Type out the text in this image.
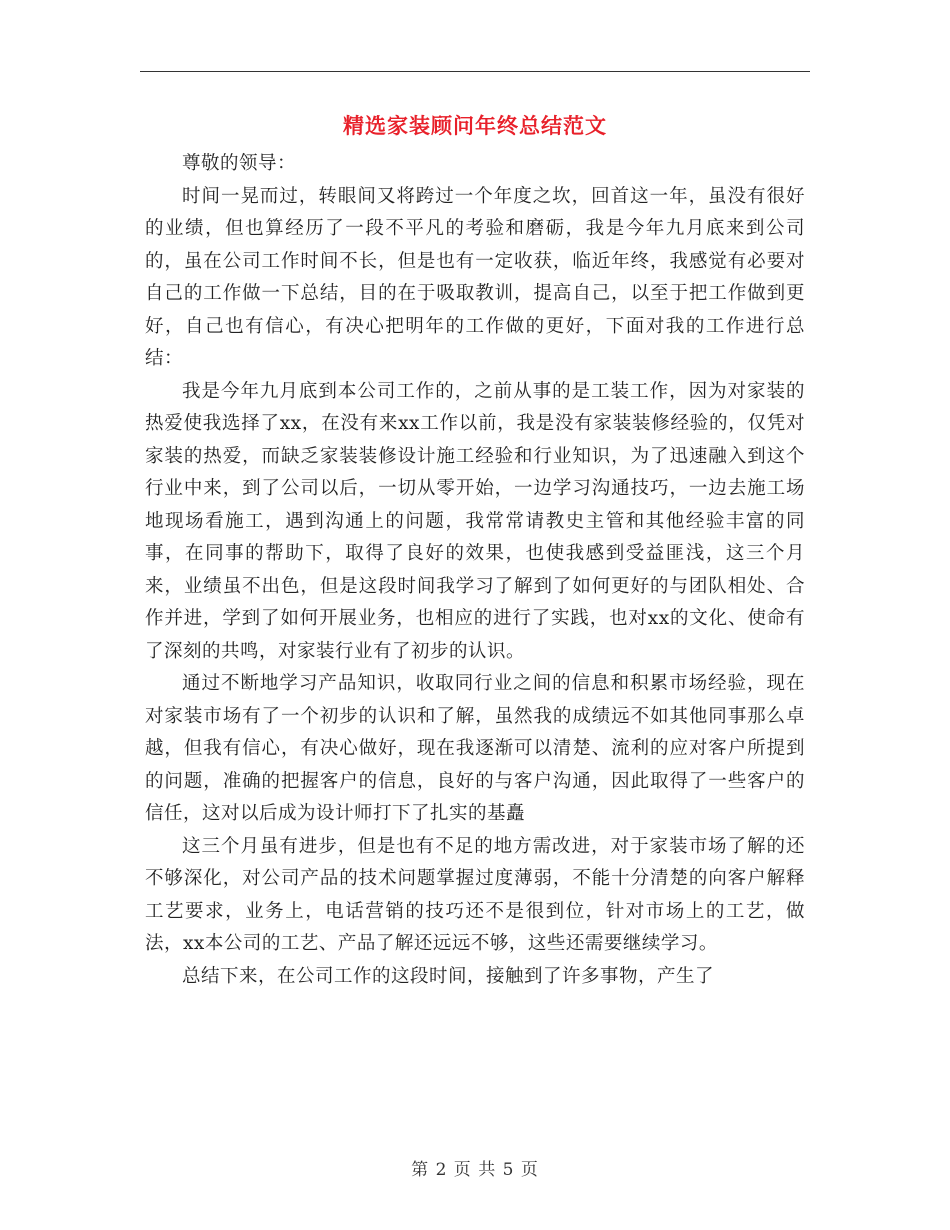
精选家装顾问年终总结范文

尊敬的领导：

时间一晃而过，转眼间又将跨过一个年度之坎，回首这一年，虽没有很好的业绩，但也算经历了一段不平凡的考验和磨砺，我是今年九月底来到公司的，虽在公司工作时间不长，但是也有一定收获，临近年终，我感觉有必要对自己的工作做一下总结，目的在于吸取教训，提高自己，以至于把工作做到更好，自己也有信心，有决心把明年的工作做的更好，下面对我的工作进行总结：

我是今年九月底到本公司工作的，之前从事的是工装工作，因为对家装的热爱使我选择了xx，在没有来xx工作以前，我是没有家装装修经验的，仅凭对家装的热爱，而缺乏家装装修设计施工经验和行业知识，为了迅速融入到这个行业中来，到了公司以后，一切从零开始，一边学习沟通技巧，一边去施工场地现场看施工，遇到沟通上的问题，我常常请教史主管和其他经验丰富的同事，在同事的帮助下，取得了良好的效果，也使我感到受益匪浅，这三个月来，业绩虽不出色，但是这段时间我学习了解到了如何更好的与团队相处、合作并进，学到了如何开展业务，也相应的进行了实践，也对xx的文化、使命有了深刻的共鸣，对家装行业有了初步的认识。

通过不断地学习产品知识，收取同行业之间的信息和积累市场经验，现在对家装市场有了一个初步的认识和了解，虽然我的成绩远不如其他同事那么卓越，但我有信心，有决心做好，现在我逐渐可以清楚、流利的应对客户所提到的问题，准确的把握客户的信息，良好的与客户沟通，因此取得了一些客户的信任，这对以后成为设计师打下了扎实的基矗

这三个月虽有进步，但是也有不足的地方需改进，对于家装市场了解的还不够深化，对公司产品的技术问题掌握过度薄弱，不能十分清楚的向客户解释工艺要求，业务上，电话营销的技巧还不是很到位，针对市场上的工艺，做法，xx本公司的工艺、产品了解还远远不够，这些还需要继续学习。

总结下来，在公司工作的这段时间，接触到了许多事物，产生了

第 2 页 共 5 页
